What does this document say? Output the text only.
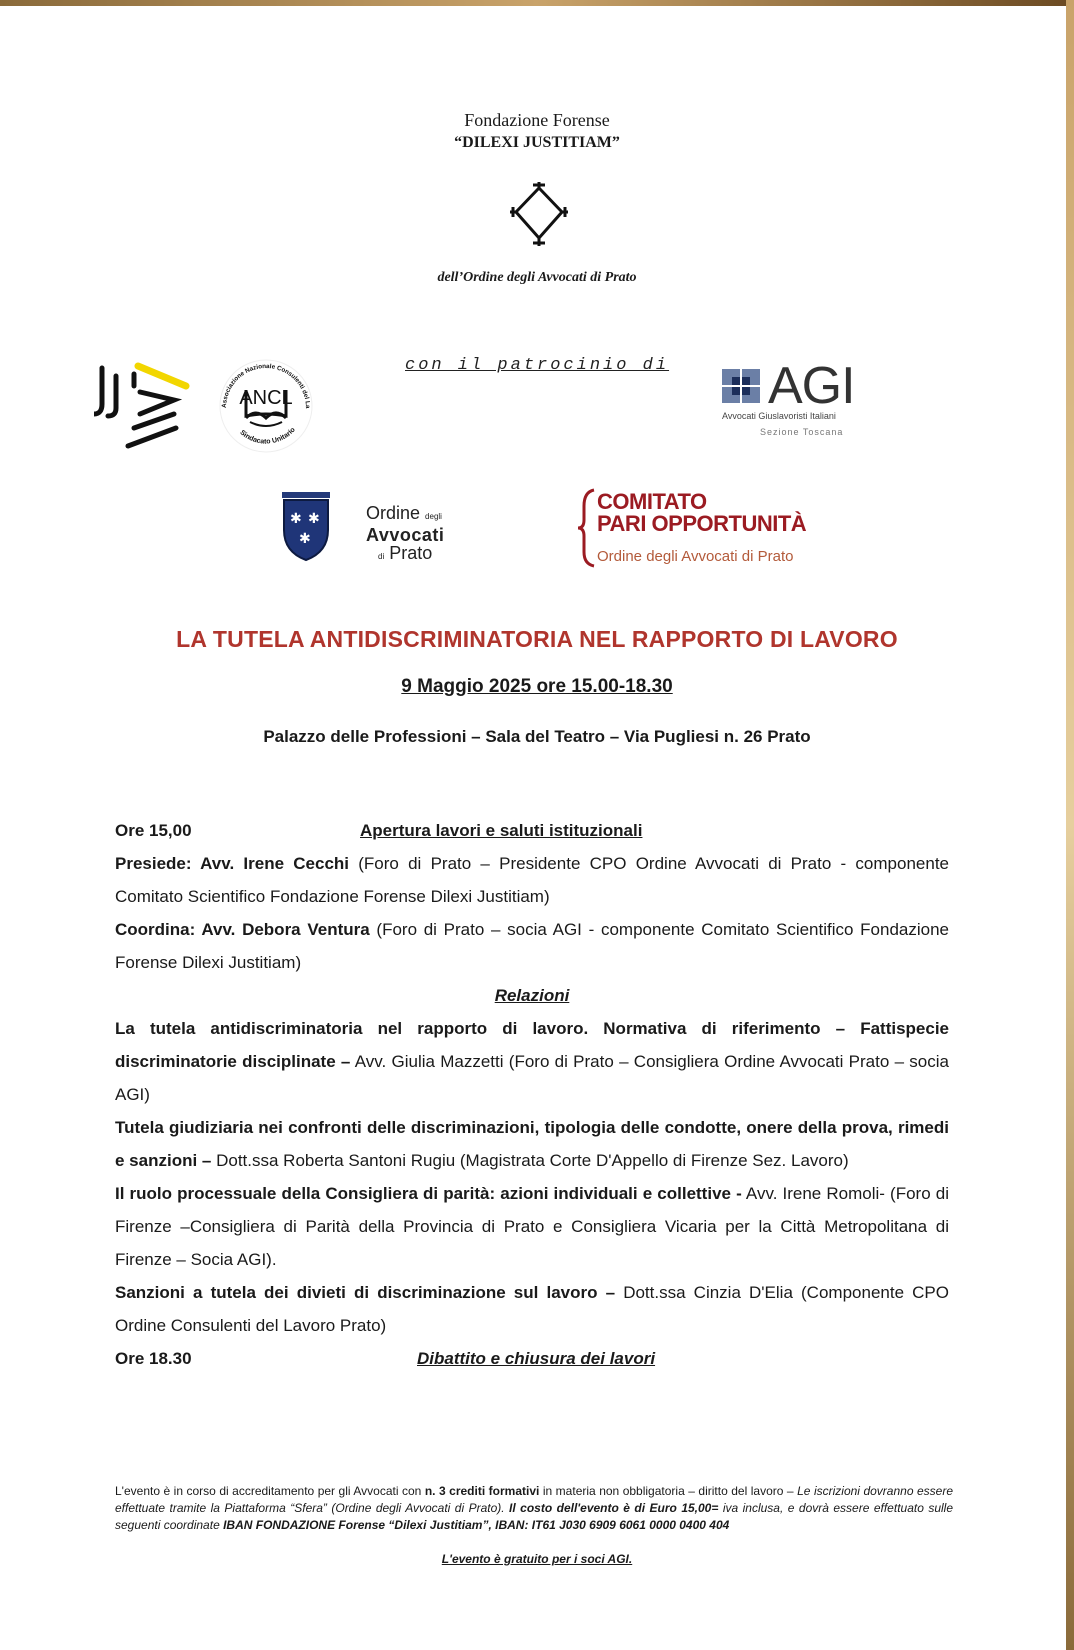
Fondazione Forense
“DILEXI JUSTITIAM”
dell’Ordine degli Avvocati di Prato
ANCL
Associazione Nazionale Consulenti del La
Sindacato Unitario
con il patrocinio di AGI
Avvocati Giuslavoristi Italiani
Sezione Toscana
✱ ✱
✱
Ordine degli
Avvocati
di Prato
COMITATO
PARI OPPORTUNITÀ
Ordine degli Avvocati di Prato
LA TUTELA ANTIDISCRIMINATORIA NEL RAPPORTO DI LAVORO
9 Maggio 2025 ore 15.00-18.30
Palazzo delle Professioni – Sala del Teatro – Via Pugliesi n. 26 Prato
Ore 15,00	Apertura lavori e saluti istituzionali
Presiede: Avv. Irene Cecchi (Foro di Prato – Presidente CPO Ordine Avvocati di Prato - componente Comitato Scientifico Fondazione Forense Dilexi Justitiam)
Coordina: Avv. Debora Ventura (Foro di Prato – socia AGI - componente Comitato Scientifico Fondazione Forense Dilexi Justitiam)
Relazioni
La tutela antidiscriminatoria nel rapporto di lavoro. Normativa di riferimento – Fattispecie discriminatorie disciplinate – Avv. Giulia Mazzetti (Foro di Prato – Consigliera Ordine Avvocati Prato – socia AGI)
Tutela giudiziaria nei confronti delle discriminazioni, tipologia delle condotte, onere della prova, rimedi e sanzioni – Dott.ssa Roberta Santoni Rugiu (Magistrata Corte D'Appello di Firenze Sez. Lavoro)
Il ruolo processuale della Consigliera di parità: azioni individuali e collettive - Avv. Irene Romoli- (Foro di Firenze –Consigliera di Parità della Provincia di Prato e Consigliera Vicaria per la Città Metropolitana di Firenze – Socia AGI).
Sanzioni a tutela dei divieti di discriminazione sul lavoro – Dott.ssa Cinzia D'Elia (Componente CPO Ordine Consulenti del Lavoro Prato)
Ore 18.30	Dibattito e chiusura dei lavori
L'evento è in corso di accreditamento per gli Avvocati con n. 3 crediti formativi in materia non obbligatoria – diritto del lavoro – Le iscrizioni dovranno essere effettuate tramite la Piattaforma “Sfera” (Ordine degli Avvocati di Prato). Il costo dell'evento è di Euro 15,00= iva inclusa, e dovrà essere effettuato sulle seguenti coordinate IBAN FONDAZIONE Forense “Dilexi Justitiam”, IBAN: IT61 J030 6909 6061 0000 0400 404
L'evento è gratuito per i soci AGI.
